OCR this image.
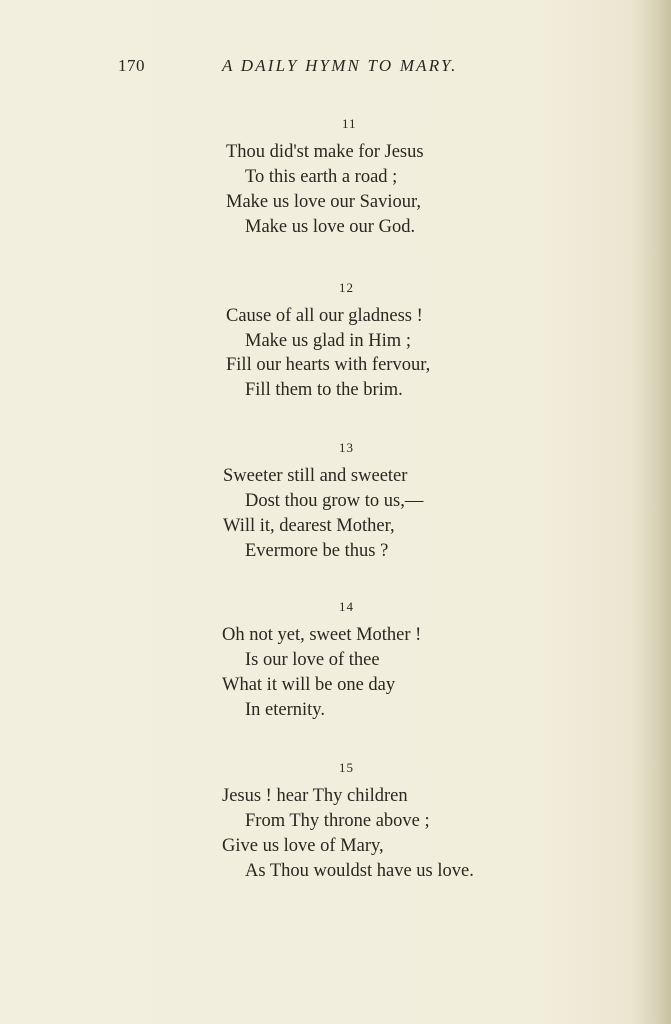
170	A DAILY HYMN TO MARY.
11
Thou did'st make for Jesus
To this earth a road ;
Make us love our Saviour,
Make us love our God.
12
Cause of all our gladness !
Make us glad in Him ;
Fill our hearts with fervour,
Fill them to the brim.
13
Sweeter still and sweeter
Dost thou grow to us,—
Will it, dearest Mother,
Evermore be thus ?
14
Oh not yet, sweet Mother !
Is our love of thee
What it will be one day
In eternity.
15
Jesus ! hear Thy children
From Thy throne above ;
Give us love of Mary,
As Thou wouldst have us love.
